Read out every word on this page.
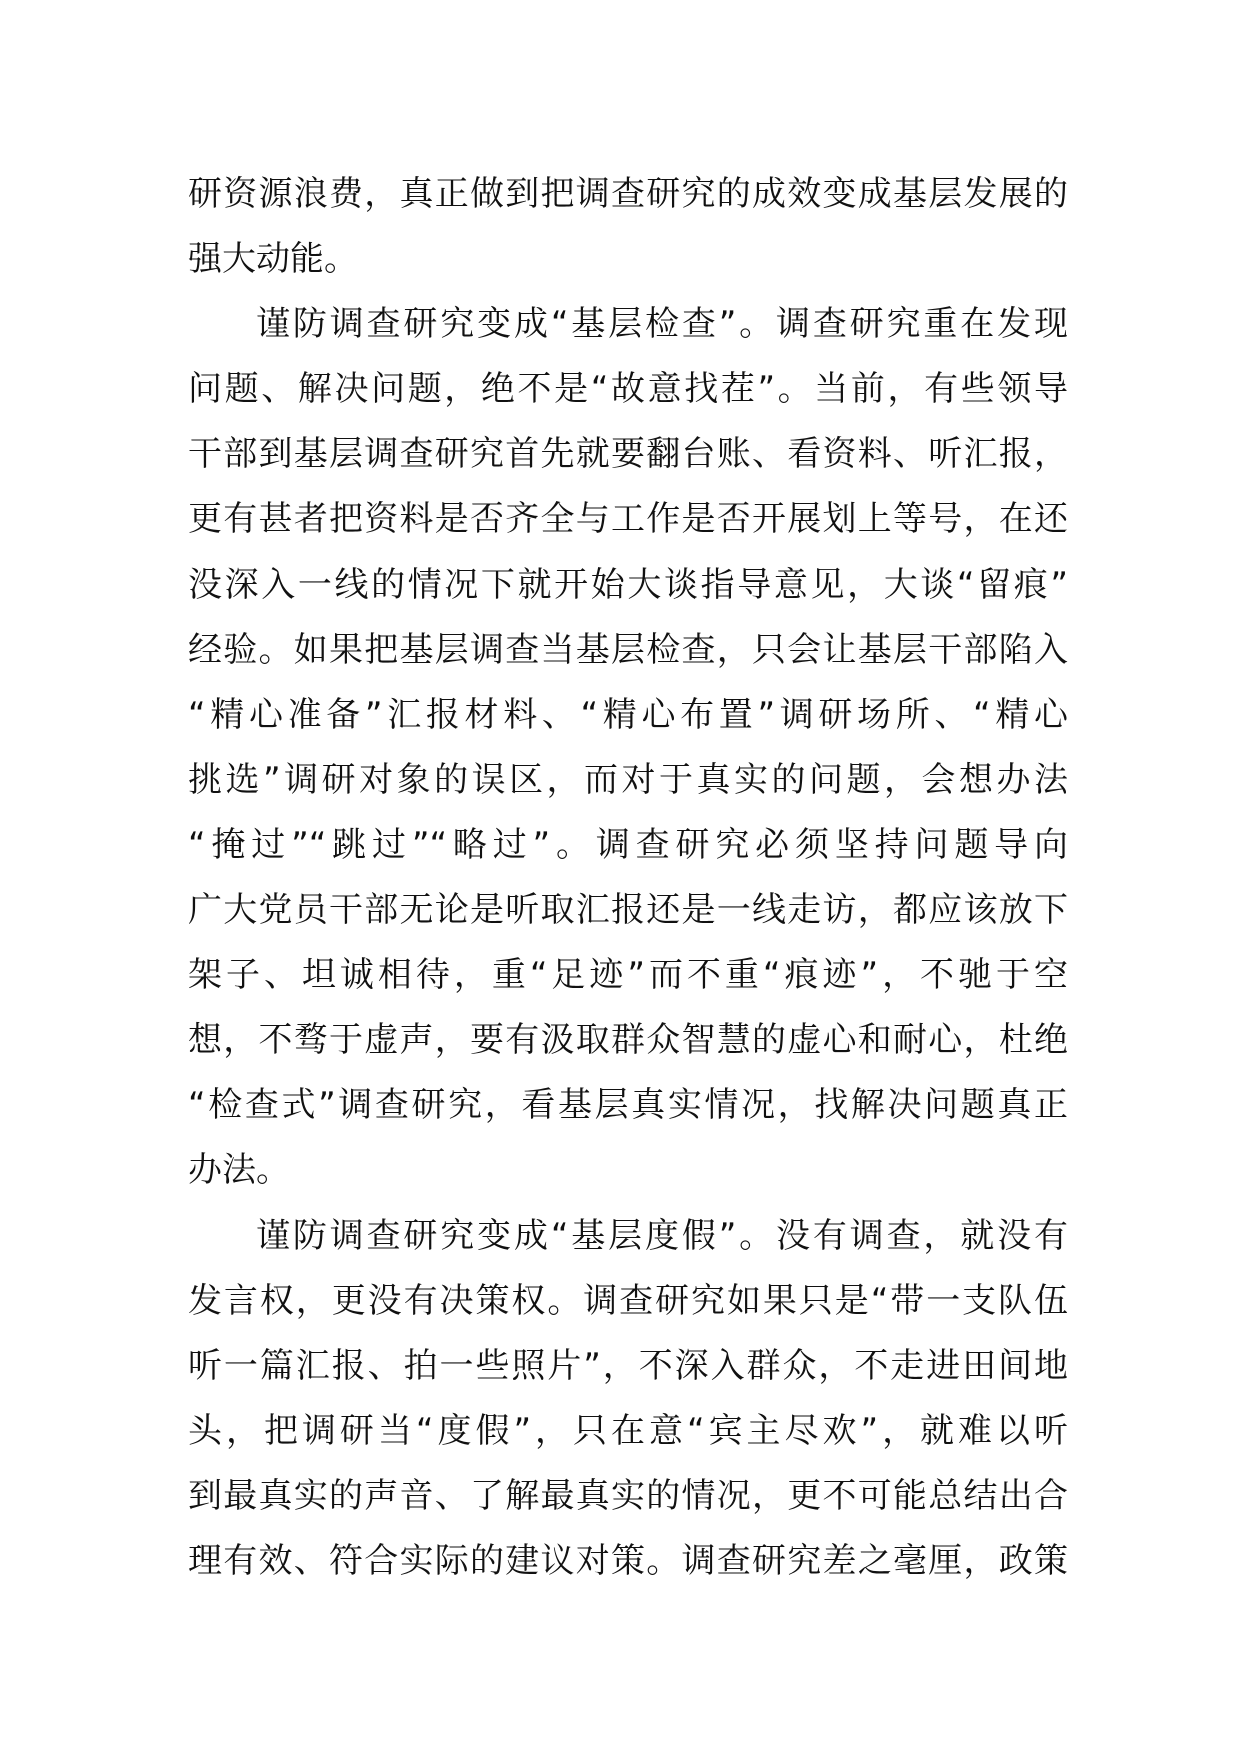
研资源浪费，真正做到把调查研究的成效变成基层发展的
强大动能。
谨防调查研究变成“基层检查”。调查研究重在发现
问题、解决问题，绝不是“故意找茬”。当前，有些领导
干部到基层调查研究首先就要翻台账、看资料、听汇报，
更有甚者把资料是否齐全与工作是否开展划上等号，在还
没深入一线的情况下就开始大谈指导意见，大谈“留痕”
经验。如果把基层调查当基层检查，只会让基层干部陷入
“精心准备”汇报材料、“精心布置”调研场所、“精心
挑选”调研对象的误区，而对于真实的问题，会想办法
“掩过”“跳过”“略过”。调查研究必须坚持问题导向
广大党员干部无论是听取汇报还是一线走访，都应该放下
架子、坦诚相待，重“足迹”而不重“痕迹”，不驰于空
想，不骛于虚声，要有汲取群众智慧的虚心和耐心，杜绝
“检查式”调查研究，看基层真实情况，找解决问题真正
办法。
谨防调查研究变成“基层度假”。没有调查，就没有
发言权，更没有决策权。调查研究如果只是“带一支队伍
听一篇汇报、拍一些照片”，不深入群众，不走进田间地
头，把调研当“度假”，只在意“宾主尽欢”，就难以听
到最真实的声音、了解最真实的情况，更不可能总结出合
理有效、符合实际的建议对策。调查研究差之毫厘，政策
